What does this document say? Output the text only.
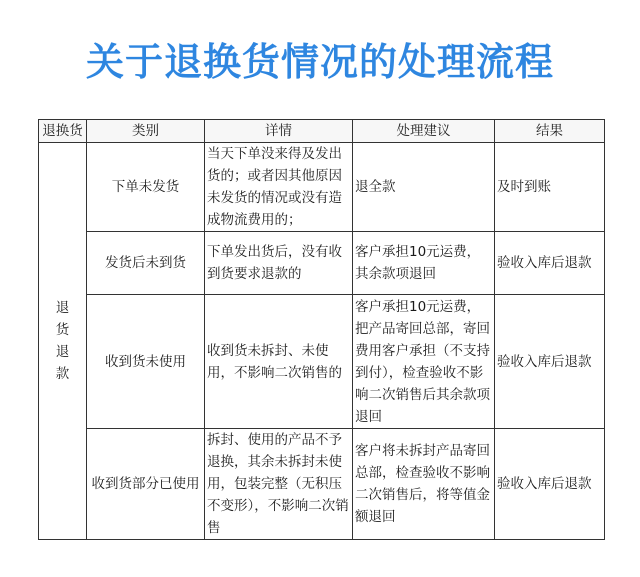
关于退换货情况的处理流程
退换货	类别	详情	处理建议	结果

退
货
退
款	下单未发货	当天下单没来得及发出货的；或者因其他原因未发货的情况或没有造成物流费用的；	退全款	及时到账
	发货后未到货	下单发出货后，没有收到货要求退款的	客户承担10元运费，其余款项退回	验收入库后退款
	收到货未使用	收到货未拆封、未使用，不影响二次销售的	客户承担10元运费，把产品寄回总部，寄回费用客户承担（不支持到付），检查验收不影响二次销售后其余款项退回	验收入库后退款
	收到货部分已使用	拆封、使用的产品不予退换，其余未拆封未使用，包装完整（无积压不变形），不影响二次销售	客户将未拆封产品寄回总部，检查验收不影响二次销售后，将等值金额退回	验收入库后退款
